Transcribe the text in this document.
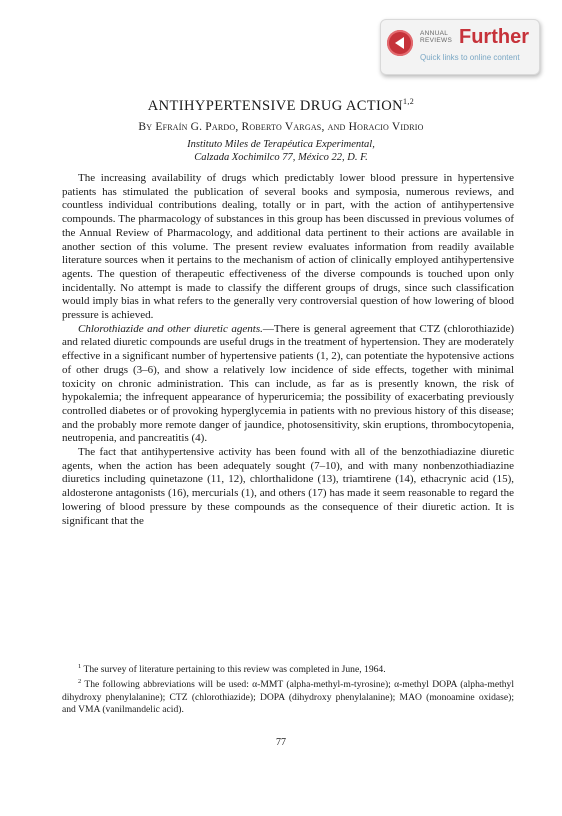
ANNUAL
REVIEWS Further
Quick links to online content
ANTIHYPERTENSIVE DRUG ACTION$^{1,2}$
By Efraín G. Pardo, Roberto Vargas, and Horacio Vidrio
Instituto Miles de Terapéutica Experimental,
Calzada Xochimilco 77, México 22, D. F.

The increasing availability of drugs which predictably lower blood pressure in hypertensive patients has stimulated the publication of several books and symposia, numerous reviews, and countless individual contributions dealing, totally or in part, with the action of antihypertensive compounds. The pharmacology of substances in this group has been discussed in previous volumes of the Annual Review of Pharmacology, and additional data pertinent to their actions are available in another section of this volume. The present review evaluates information from readily available literature sources when it pertains to the mechanism of action of clinically employed antihypertensive agents. The question of therapeutic effectiveness of the diverse compounds is touched upon only incidentally. No attempt is made to classify the different groups of drugs, since such classification would imply bias in what refers to the generally very controversial question of how lowering of blood pressure is achieved.

Chlorothiazide and other diuretic agents.—There is general agreement that CTZ (chlorothiazide) and related diuretic compounds are useful drugs in the treatment of hypertension. They are moderately effective in a significant number of hypertensive patients (1, 2), can potentiate the hypotensive actions of other drugs (3–6), and show a relatively low incidence of side effects, together with minimal toxicity on chronic administration. This can include, as far as is presently known, the risk of hypokalemia; the infrequent appearance of hyperuricemia; the possibility of exacerbating previously controlled diabetes or of provoking hyperglycemia in patients with no previous history of this disease; and the probably more remote danger of jaundice, photosensitivity, skin eruptions, thrombocytopenia, neutropenia, and pancreatitis (4).

The fact that antihypertensive activity has been found with all of the benzothiadiazine diuretic agents, when the action has been adequately sought (7–10), and with many nonbenzothiadiazine diuretics including quinetazone (11, 12), chlorthalidone (13), triamtirene (14), ethacrynic acid (15), aldosterone antagonists (16), mercurials (1), and others (17) has made it seem reasonable to regard the lowering of blood pressure by these compounds as the consequence of their diuretic action. It is significant that the

$^1$ The survey of literature pertaining to this review was completed in June, 1964.

$^2$ The following abbreviations will be used: α-MMT (alpha-methyl-m-tyrosine); α-methyl DOPA (alpha-methyl dihydroxy phenylalanine); CTZ (chlorothiazide); DOPA (dihydroxy phenylalanine); MAO (monoamine oxidase); and VMA (vanilmandelic acid).

77
